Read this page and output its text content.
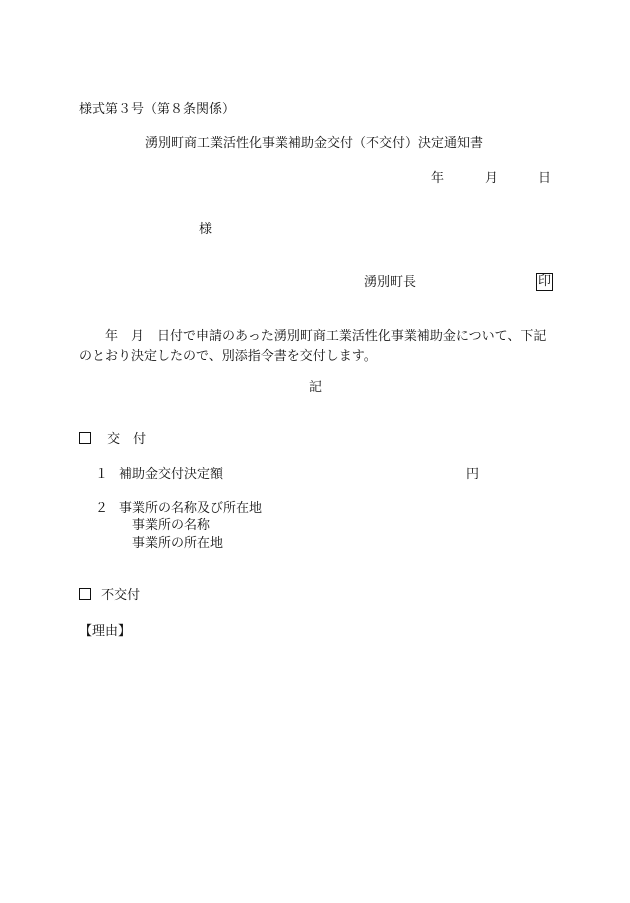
様式第３号（第８条関係）
湧別町商工業活性化事業補助金交付（不交付）決定通知書
年	月	日
様
湧別町長	印
年　月　日付で申請のあった湧別町商工業活性化事業補助金について、下記のとおり決定したので、別添指令書を交付します。
記
交　付
１ 補助金交付決定額	円
２ 事業所の名称及び所在地
事業所の名称
事業所の所在地
不交付
【理由】
